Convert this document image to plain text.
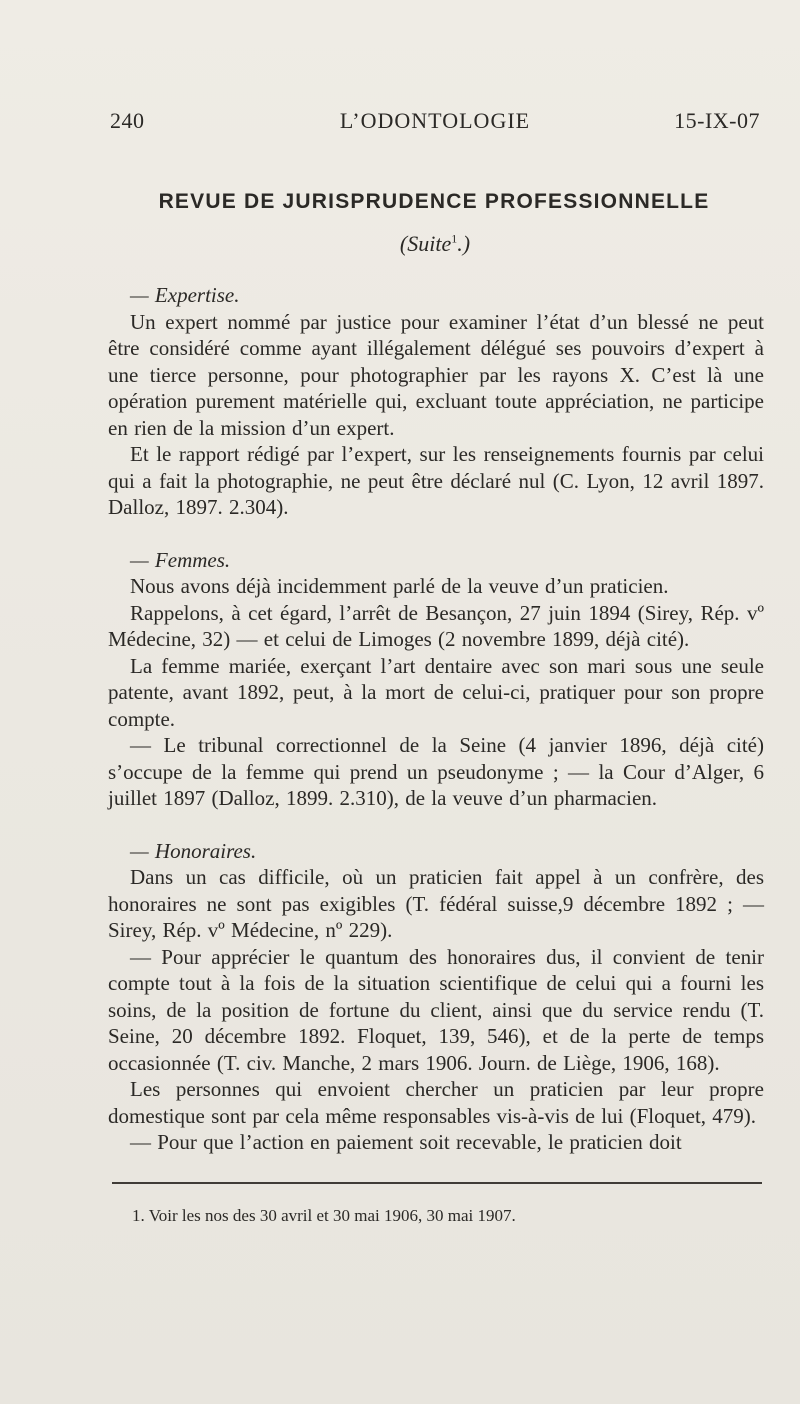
240	L’ODONTOLOGIE	15-IX-07
REVUE DE JURISPRUDENCE PROFESSIONNELLE
(Suite$^1$.)
— Expertise.

Un expert nommé par justice pour examiner l’état d’un blessé ne peut être considéré comme ayant illégalement délégué ses pouvoirs d’expert à une tierce personne, pour photographier par les rayons X. C’est là une opération purement matérielle qui, excluant toute appréciation, ne participe en rien de la mission d’un expert.

Et le rapport rédigé par l’expert, sur les renseignements fournis par celui qui a fait la photographie, ne peut être déclaré nul (C. Lyon, 12 avril 1897. Dalloz, 1897. 2.304).

— Femmes.

Nous avons déjà incidemment parlé de la veuve d’un praticien.

Rappelons, à cet égard, l’arrêt de Besançon, 27 juin 1894 (Sirey, Rép. vº Médecine, 32) — et celui de Limoges (2 novembre 1899, déjà cité).

La femme mariée, exerçant l’art dentaire avec son mari sous une seule patente, avant 1892, peut, à la mort de celui-ci, pratiquer pour son propre compte.

— Le tribunal correctionnel de la Seine (4 janvier 1896, déjà cité) s’occupe de la femme qui prend un pseudonyme ; — la Cour d’Alger, 6 juillet 1897 (Dalloz, 1899. 2.310), de la veuve d’un pharmacien.

— Honoraires.

Dans un cas difficile, où un praticien fait appel à un confrère, des honoraires ne sont pas exigibles (T. fédéral suisse,9 décembre 1892 ; — Sirey, Rép. vº Médecine, nº 229).

— Pour apprécier le quantum des honoraires dus, il convient de tenir compte tout à la fois de la situation scientifique de celui qui a fourni les soins, de la position de fortune du client, ainsi que du service rendu (T. Seine, 20 décembre 1892. Floquet, 139, 546), et de la perte de temps occasionnée (T. civ. Manche, 2 mars 1906. Journ. de Liège, 1906, 168).

Les personnes qui envoient chercher un praticien par leur propre domestique sont par cela même responsables vis-à-vis de lui (Floquet, 479).

— Pour que l’action en paiement soit recevable, le praticien doit

1. Voir les nos des 30 avril et 30 mai 1906, 30 mai 1907.
